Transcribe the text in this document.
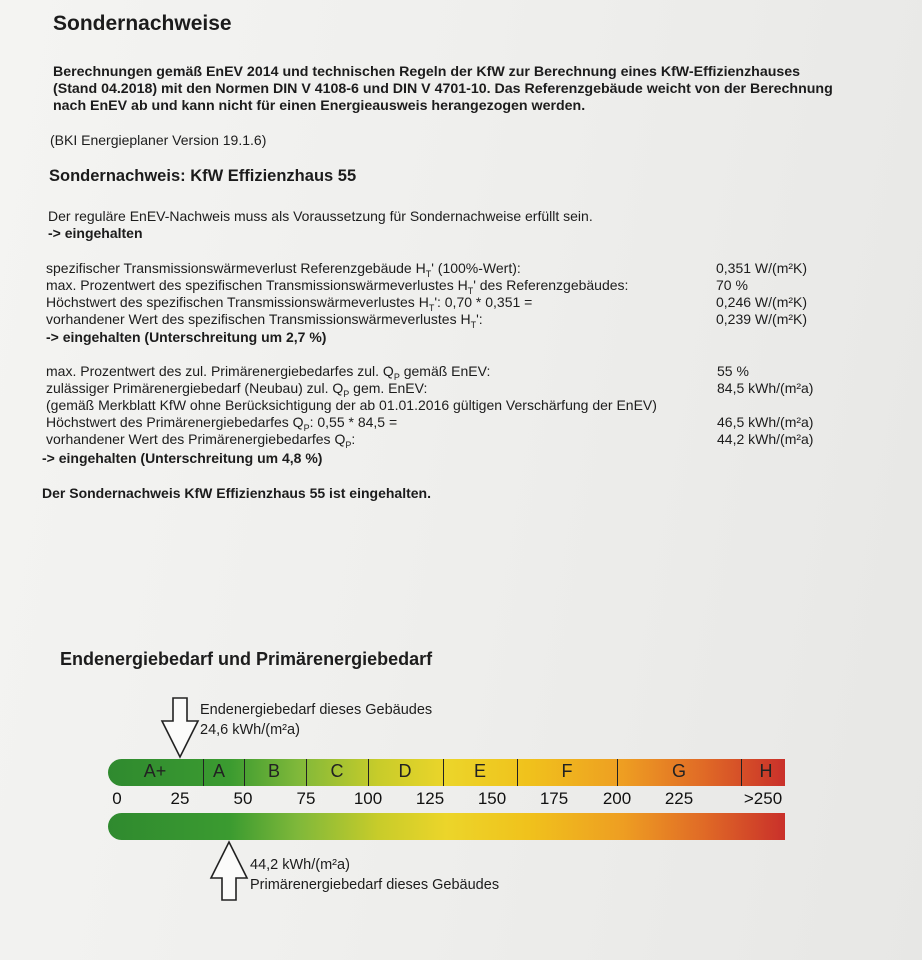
Sondernachweise
Berechnungen gemäß EnEV 2014 und technischen Regeln der KfW zur Berechnung eines KfW-Effizienzhauses
(Stand 04.2018) mit den Normen DIN V 4108-6 und DIN V 4701-10. Das Referenzgebäude weicht von der Berechnung
nach EnEV ab und kann nicht für einen Energieausweis herangezogen werden.
(BKI Energieplaner Version 19.1.6)
Sondernachweis: KfW Effizienzhaus 55
Der reguläre EnEV-Nachweis muss als Voraussetzung für Sondernachweise erfüllt sein.
-> eingehalten
spezifischer Transmissionswärmeverlust Referenzgebäude $H_T'$ (100%-Wert):	0,351 W/(m²K)
max. Prozentwert des spezifischen Transmissionswärmeverlustes $H_T'$ des Referenzgebäudes:	70 %
Höchstwert des spezifischen Transmissionswärmeverlustes $H_T'$: 0,70 * 0,351 =	0,246 W/(m²K)
vorhandener Wert des spezifischen Transmissionswärmeverlustes $H_T'$:	0,239 W/(m²K)
-> eingehalten (Unterschreitung um 2,7 %)
max. Prozentwert des zul. Primärenergiebedarfes zul. $Q_P$ gemäß EnEV:	55 %
zulässiger Primärenergiebedarf (Neubau) zul. $Q_P$ gem. EnEV:	84,5 kWh/(m²a)
(gemäß Merkblatt KfW ohne Berücksichtigung der ab 01.01.2016 gültigen Verschärfung der EnEV)
Höchstwert des Primärenergiebedarfes $Q_P$: 0,55 * 84,5 =	46,5 kWh/(m²a)
vorhandener Wert des Primärenergiebedarfes $Q_P$:	44,2 kWh/(m²a)
-> eingehalten (Unterschreitung um 4,8 %)
Der Sondernachweis KfW Effizienzhaus 55 ist eingehalten.
Endenergiebedarf und Primärenergiebedarf
Endenergiebedarf dieses Gebäudes
24,6 kWh/(m²a)
A+	A B	C	D	E	F	G	H
0	25	50	75 100 125 150 175 200 225	>250
44,2 kWh/(m²a)
Primärenergiebedarf dieses Gebäudes
